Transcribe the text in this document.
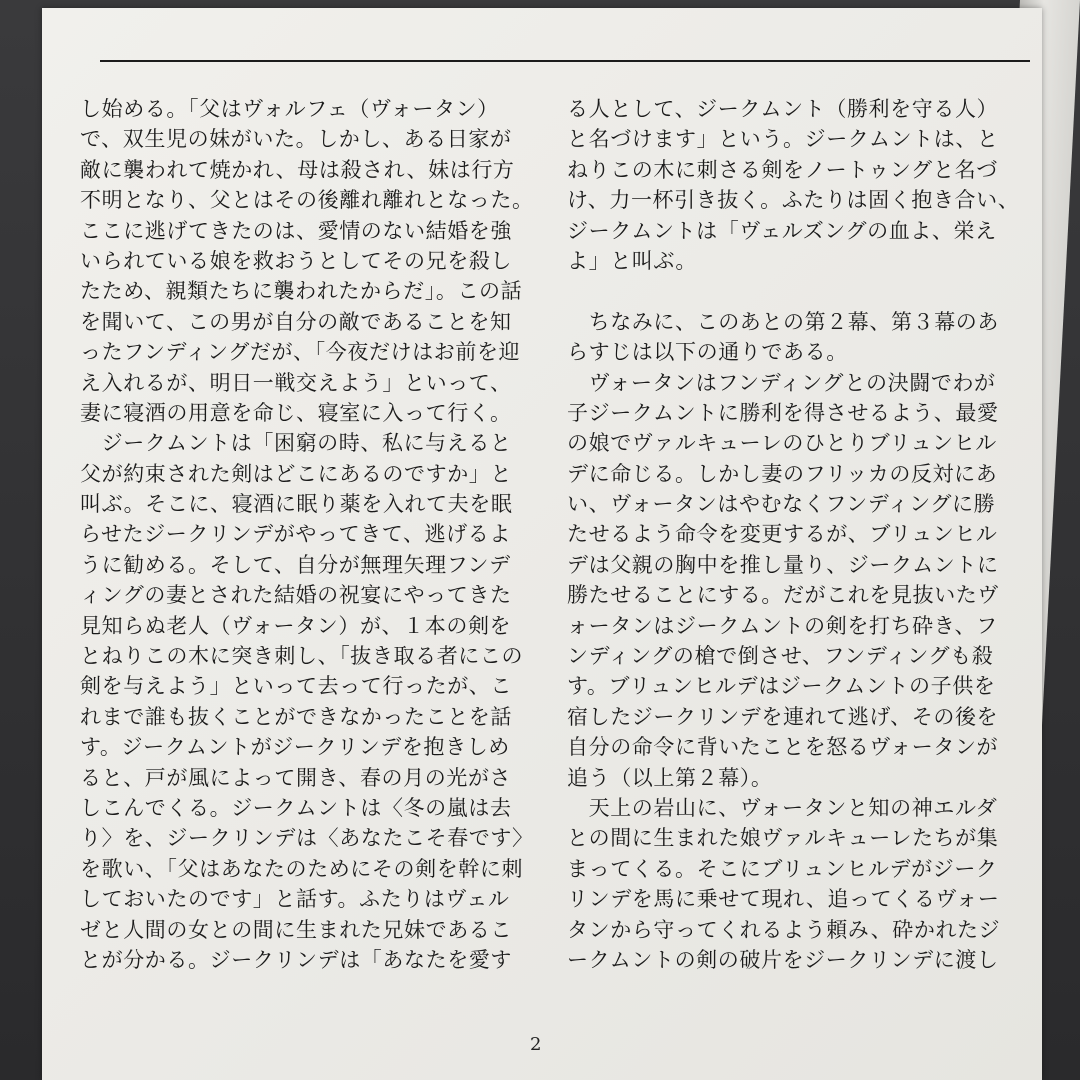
し始める。「父はヴォルフェ（ヴォータン）
で、双生児の妹がいた。しかし、ある日家が
敵に襲われて焼かれ、母は殺され、妹は行方
不明となり、父とはその後離れ離れとなった。
ここに逃げてきたのは、愛情のない結婚を強
いられている娘を救おうとしてその兄を殺し
たため、親類たちに襲われたからだ」。この話
を聞いて、この男が自分の敵であることを知
ったフンディングだが、「今夜だけはお前を迎
え入れるが、明日一戦交えよう」といって、
妻に寝酒の用意を命じ、寝室に入って行く。
　ジークムントは「困窮の時、私に与えると
父が約束された剣はどこにあるのですか」と
叫ぶ。そこに、寝酒に眠り薬を入れて夫を眠
らせたジークリンデがやってきて、逃げるよ
うに勧める。そして、自分が無理矢理フンデ
ィングの妻とされた結婚の祝宴にやってきた
見知らぬ老人（ヴォータン）が、１本の剣を
とねりこの木に突き刺し、「抜き取る者にこの
剣を与えよう」といって去って行ったが、こ
れまで誰も抜くことができなかったことを話
す。ジークムントがジークリンデを抱きしめ
ると、戸が風によって開き、春の月の光がさ
しこんでくる。ジークムントは〈冬の嵐は去
り〉を、ジークリンデは〈あなたこそ春です〉
を歌い、「父はあなたのためにその剣を幹に刺
しておいたのです」と話す。ふたりはヴェル
ゼと人間の女との間に生まれた兄妹であるこ
とが分かる。ジークリンデは「あなたを愛す
る人として、ジークムント（勝利を守る人）
と名づけます」という。ジークムントは、と
ねりこの木に刺さる剣をノートゥングと名づ
け、力一杯引き抜く。ふたりは固く抱き合い、
ジークムントは「ヴェルズングの血よ、栄え
よ」と叫ぶ。
　ちなみに、このあとの第２幕、第３幕のあ
らすじは以下の通りである。
　ヴォータンはフンディングとの決闘でわが
子ジークムントに勝利を得させるよう、最愛
の娘でヴァルキューレのひとりブリュンヒル
デに命じる。しかし妻のフリッカの反対にあ
い、ヴォータンはやむなくフンディングに勝
たせるよう命令を変更するが、ブリュンヒル
デは父親の胸中を推し量り、ジークムントに
勝たせることにする。だがこれを見抜いたヴ
ォータンはジークムントの剣を打ち砕き、フ
ンディングの槍で倒させ、フンディングも殺
す。ブリュンヒルデはジークムントの子供を
宿したジークリンデを連れて逃げ、その後を
自分の命令に背いたことを怒るヴォータンが
追う（以上第２幕）。
　天上の岩山に、ヴォータンと知の神エルダ
との間に生まれた娘ヴァルキューレたちが集
まってくる。そこにブリュンヒルデがジーク
リンデを馬に乗せて現れ、追ってくるヴォー
タンから守ってくれるよう頼み、砕かれたジ
ークムントの剣の破片をジークリンデに渡し
2
